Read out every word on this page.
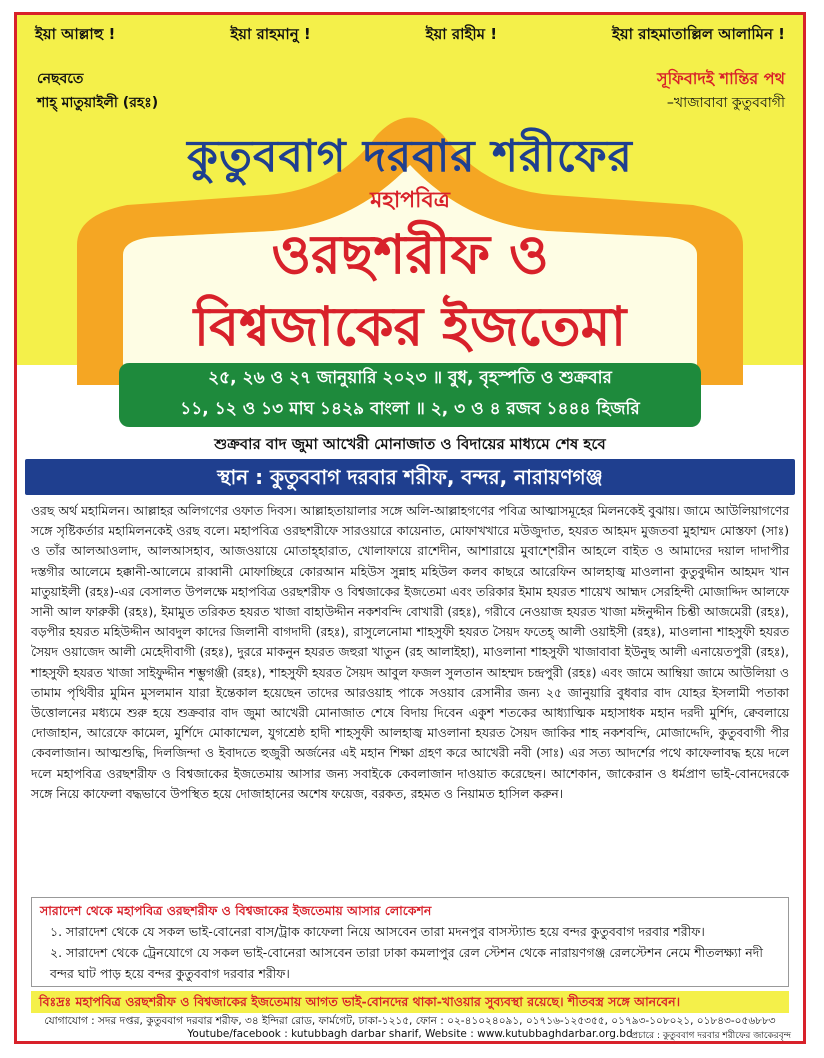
ইয়া আল্লাহু !	ইয়া রাহমানু !	ইয়া রাহীম !	ইয়া রাহমাতাল্লিল আলামিন !
নেছবতে
শাহ্ মাতুয়াইলী (রহঃ)
সূফিবাদই শান্তির পথ
–খাজাবাবা কুতুববাগী
কুতুববাগ দরবার শরীফের
মহাপবিত্র
ওরছশরীফ ও
বিশ্বজাকের ইজতেমা
২৫, ২৬ ও ২৭ জানুয়ারি ২০২৩ ॥ বুধ, বৃহস্পতি ও শুক্রবার
১১, ১২ ও ১৩ মাঘ ১৪২৯ বাংলা ॥ ২, ৩ ও ৪ রজব ১৪৪৪ হিজরি
শুক্রবার বাদ জুমা আখেরী মোনাজাত ও বিদায়ের মাধ্যমে শেষ হবে
স্থান : কুতুববাগ দরবার শরীফ, বন্দর, নারায়ণগঞ্জ
ওরছ অর্থ মহামিলন। আল্লাহর অলিগণের ওফাত দিবস। আল্লাহতায়ালার সঙ্গে অলি-আল্লাহগণের পবিত্র আত্মাসমূহের মিলনকেই বুঝায়। জামে আউলিয়াগণের সঙ্গে সৃষ্টিকর্তার মহামিলনকেই ওরছ বলে। মহাপবিত্র ওরছশরীফে সারওয়ারে কায়েনাত, মোফাখখারে মউজুদাত, হযরত আহমদ মুজতবা মুহাম্মদ মোস্তফা (সাঃ) ও তাঁর আলআওলাদ, আলআসহাব, আজওয়ায়ে মোতাহ্হারাত, খোলাফায়ে রাশেদীন, আশারায়ে মুবাশ্শেরীন আহলে বাইত ও আমাদের দয়াল দাদাপীর দস্তগীর আলেমে হক্কানী-আলেমে রাব্বানী মোফাচ্ছিরে কোরআন মহিউস সুন্নাহ মহিউল কলব কাছরে আরেফিন আলহাজ্ব মাওলানা কুতুবুদ্দীন আহমদ খান মাতুয়াইলী (রহঃ)-এর বেসালত উপলক্ষে মহাপবিত্র ওরছশরীফ ও বিশ্বজাকের ইজতেমা এবং তরিকার ইমাম হযরত শায়েখ আহ্মদ সেরহিন্দী মোজাদ্দিদ আলফে সানী আল ফারুকী (রহঃ), ইমামুত তরিকত হযরত খাজা বাহাউদ্দীন নকশবন্দি বোখারী (রহঃ), গরীবে নেওয়াজ হযরত খাজা মঈনুদ্দীন চিশ্তী আজমেরী (রহঃ), বড়পীর হযরত মহিউদ্দীন আবদুল কাদের জিলানী বাগদাদী (রহঃ), রাসুলেনোমা শাহসুফী হযরত সৈয়দ ফতেহ্ আলী ওয়াইসী (রহঃ), মাওলানা শাহসুফী হযরত সৈয়দ ওয়াজেদ আলী মেহেদীবাগী (রহঃ), দুররে মাকনুন হযরত জহুরা খাতুন (রহ আলাইহা), মাওলানা শাহসুফী খাজাবাবা ইউনুছ আলী এনায়েতপুরী (রহঃ), শাহসুফী হযরত খাজা সাইফুদ্দীন শম্ভুগঞ্জী (রহঃ), শাহসুফী হযরত সৈয়দ আবুল ফজল সুলতান আহম্মদ চন্দ্রপুরী (রহঃ) এবং জামে আম্বিয়া জামে আউলিয়া ও তামাম পৃথিবীর মুমিন মুসলমান যারা ইন্তেকাল হয়েছেন তাদের আরওয়াহ পাকে সওয়াব রেসানীর জন্য ২৫ জানুয়ারি বুধবার বাদ যোহর ইসলামী পতাকা উত্তোলনের মধ্যমে শুরু হয়ে শুক্রবার বাদ জুমা আখেরী মোনাজাত শেষে বিদায় দিবেন একুশ শতকের আধ্যাত্মিক মহাসাধক মহান দরদী মুর্শিদ, ক্বেবলায়ে দোজাহান, আরেফে কামেল, মুর্শিদে মোকাম্মেল, যুগশ্রেষ্ঠ হাদী শাহসুফী আলহাজ্ব মাওলানা হযরত সৈয়দ জাকির শাহ নকশবন্দি, মোজাদ্দেদি, কুতুববাগী পীর কেবলাজান। আত্মশুদ্ধি, দিলজিন্দা ও ইবাদতে হুজুরী অর্জনের এই মহান শিক্ষা গ্রহণ করে আখেরী নবী (সাঃ) এর সত্য আদর্শের পথে কাফেলাবদ্ধ হয়ে দলে দলে মহাপবিত্র ওরছশরীফ ও বিশ্বজাকের ইজতেমায় আসার জন্য সবাইকে কেবলাজান দাওয়াত করেছেন। আশেকান, জাকেরান ও ধর্মপ্রাণ ভাই-বোনদেরকে সঙ্গে নিয়ে কাফেলা বদ্ধভাবে উপস্থিত হয়ে দোজাহানের অশেষ ফয়েজ, বরকত, রহমত ও নিয়ামত হাসিল করুন।
সারাদেশ থেকে মহাপবিত্র ওরছশরীফ ও বিশ্বজাকের ইজতেমায় আসার লোকেশন
১. সারাদেশ থেকে যে সকল ভাই-বোনেরা বাস/ট্রাক কাফেলা নিয়ে আসবেন তারা মদনপুর বাসস্ট্যান্ড হয়ে বন্দর কুতুববাগ দরবার শরীফ।
২. সারাদেশ থেকে ট্রেনযোগে যে সকল ভাই-বোনেরা আসবেন তারা ঢাকা কমলাপুর রেল স্টেশন থেকে নারায়ণগঞ্জ রেলস্টেশন নেমে শীতলক্ষ্যা নদী বন্দর ঘাট পাড় হয়ে বন্দর কুতুববাগ দরবার শরীফ।
বিঃদ্রঃ মহাপবিত্র ওরছশরীফ ও বিশ্বজাকের ইজতেমায় আগত ভাই-বোনদের থাকা-খাওয়ার সুব্যবস্থা রয়েছে। শীতবস্ত্র সঙ্গে আনবেন।
যোগাযোগ : সদর দপ্তর, কুতুববাগ দরবার শরীফ, ৩৪ ইন্দিরা রোড, ফার্মগেট, ঢাকা-১২১৫, ফোন : ০২-৪১০২৪০৯১, ০১৭১৬-১২৫৩৫৫, ০১৭৯৩-১০৮০২১, ০১৮৪৩-০৫৬৮৮৩
Youtube/facebook : kutubbagh darbar sharif, Website : www.kutubbaghdarbar.org.bd
প্রচারে : কুতুববাগ দরবার শরীফের জাকেরবৃন্দ
